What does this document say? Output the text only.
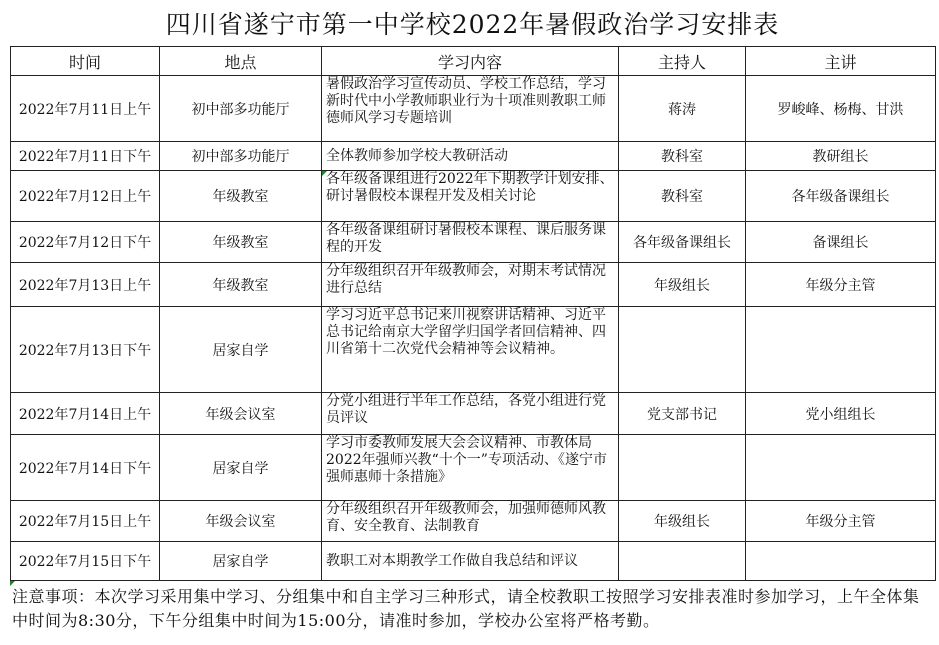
四川省遂宁市第一中学校2022年暑假政治学习安排表
时间	地点	学习内容	主持人	主讲
2022年7月11日上午	初中部多功能厅	暑假政治学习宣传动员、学校工作总结，学习新时代中小学教师职业行为十项准则教职工师德师风学习专题培训	蒋涛	罗峻峰、杨梅、甘洪
2022年7月11日下午	初中部多功能厅	全体教师参加学校大教研活动	教科室	教研组长
2022年7月12日上午	年级教室	各年级备课组进行2022年下期教学计划安排、研讨暑假校本课程开发及相关讨论	教科室	各年级备课组长
2022年7月12日下午	年级教室	各年级备课组研讨暑假校本课程、课后服务课程的开发	各年级备课组长	备课组长
2022年7月13日上午	年级教室	分年级组织召开年级教师会，对期末考试情况进行总结	年级组长	年级分主管
2022年7月13日下午	居家自学	学习习近平总书记来川视察讲话精神、习近平总书记给南京大学留学归国学者回信精神、四川省第十二次党代会精神等会议精神。		
2022年7月14日上午	年级会议室	分党小组进行半年工作总结，各党小组进行党员评议	党支部书记	党小组组长
2022年7月14日下午	居家自学	学习市委教师发展大会会议精神、市教体局2022年强师兴教“十个一”专项活动、《遂宁市强师惠师十条措施》		
2022年7月15日上午	年级会议室	分年级组织召开年级教师会，加强师德师风教育、安全教育、法制教育	年级组长	年级分主管
2022年7月15日下午	居家自学	教职工对本期教学工作做自我总结和评议		
注意事项：本次学习采用集中学习、分组集中和自主学习三种形式，请全校教职工按照学习安排表准时参加学习，上午全体集中时间为8:30分，下午分组集中时间为15:00分，请准时参加，学校办公室将严格考勤。
